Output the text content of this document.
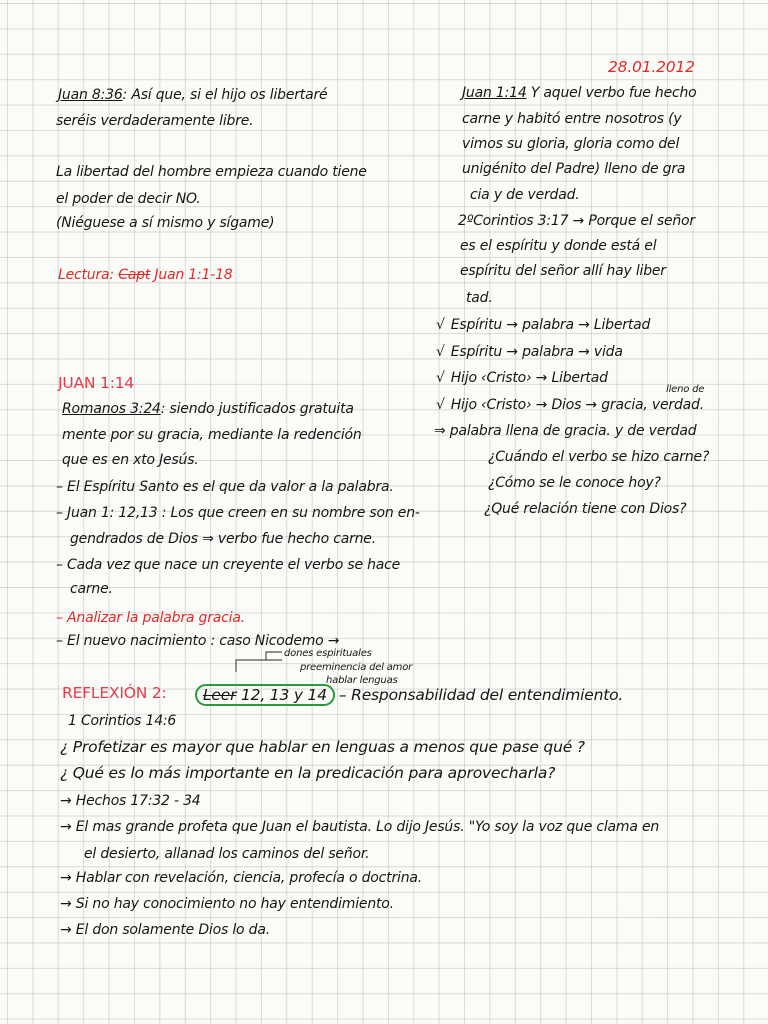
28.01.2012

Juan 8:36: Así que, si el hijo os libertaré

seréis verdaderamente libre.

La libertad del hombre empieza cuando tiene

el poder de decir NO.

(Niéguese a sí mismo y sígame)

Lectura: Capt Juan 1:1-18

JUAN 1:14

Romanos 3:24: siendo justificados gratuita

mente por su gracia, mediante la redención

que es en xto Jesús.

– El Espíritu Santo es el que da valor a la palabra.

– Juan 1: 12,13 : Los que creen en su nombre son en-

gendrados de Dios ⇒ verbo fue hecho carne.

– Cada vez que nace un creyente el verbo se hace

carne.

– Analizar la palabra gracia.

– El nuevo nacimiento : caso Nicodemo →

Juan 1:14 Y aquel verbo fue hecho

carne y habitó entre nosotros (y

vimos su gloria, gloria como del

unigénito del Padre) lleno de gra

cia y de verdad.

2ºCorintios 3:17 → Porque el señor

es el espíritu y donde está el

espíritu del señor allí hay liber

tad.

√ Espíritu → palabra → Libertad

√ Espíritu → palabra → vida

√ Hijo ‹Cristo› → Libertad

lleno de

√ Hijo ‹Cristo› → Dios → gracia, verdad.

⇒ palabra llena de gracia. y de verdad

¿Cuándo el verbo se hizo carne?

¿Cómo se le conoce hoy?

¿Qué relación tiene con Dios?

dones espirituales

preeminencia del amor

hablar lenguas

REFLEXIÓN 2:	Leer 12, 13 y 14 – Responsabilidad del entendimiento.

1 Corintios 14:6

¿ Profetizar es mayor que hablar en lenguas a menos que pase qué ?

¿ Qué es lo más importante en la predicación para aprovecharla?

→ Hechos 17:32 - 34

→ El mas grande profeta que Juan el bautista. Lo dijo Jesús. "Yo soy la voz que clama en

el desierto, allanad los caminos del señor.

→ Hablar con revelación, ciencia, profecía o doctrina.

→ Si no hay conocimiento no hay entendimiento.

→ El don solamente Dios lo da.
